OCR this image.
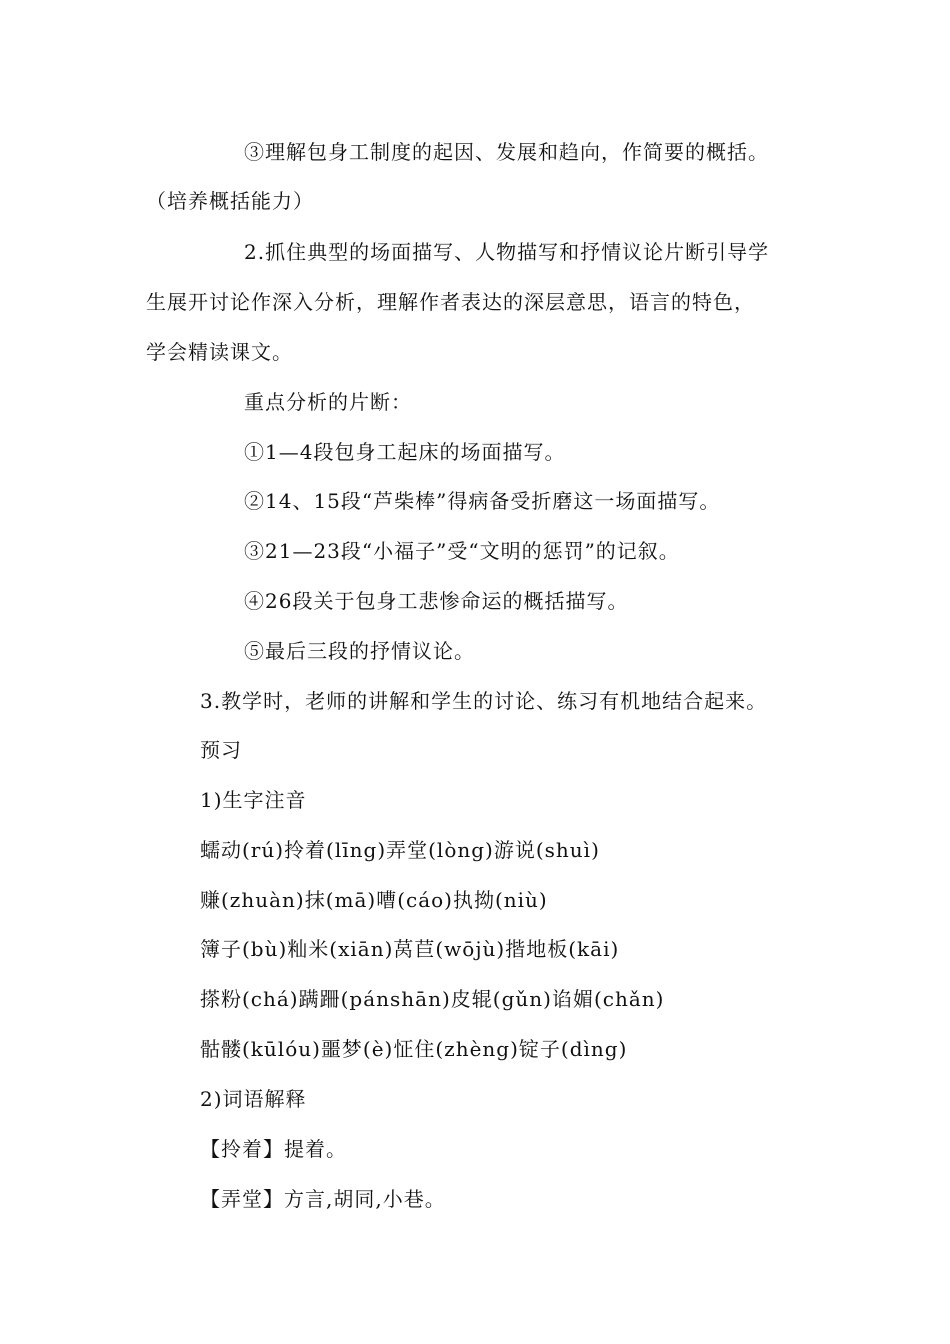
③理解包身工制度的起因、发展和趋向，作简要的概括。
（培养概括能力）
2.抓住典型的场面描写、人物描写和抒情议论片断引导学
生展开讨论作深入分析，理解作者表达的深层意思，语言的特色，
学会精读课文。
重点分析的片断：
①1—4段包身工起床的场面描写。
②14、15段“芦柴棒”得病备受折磨这一场面描写。
③21—23段“小福子”受“文明的惩罚”的记叙。
④26段关于包身工悲惨命运的概括描写。
⑤最后三段的抒情议论。
3.教学时，老师的讲解和学生的讨论、练习有机地结合起来。
预习
1)生字注音
蠕动(rú)拎着(līng)弄堂(lòng)游说(shuì)
赚(zhuàn)抹(mā)嘈(cáo)执拗(niù)
簿子(bù)籼米(xiān)莴苣(wōjù)揩地板(kāi)
搽粉(chá)蹒跚(pánshān)皮辊(gǔn)谄媚(chǎn)
骷髅(kūlóu)噩梦(è)怔住(zhèng)锭子(dìng)
2)词语解释
【拎着】提着。
【弄堂】方言,胡同,小巷。
